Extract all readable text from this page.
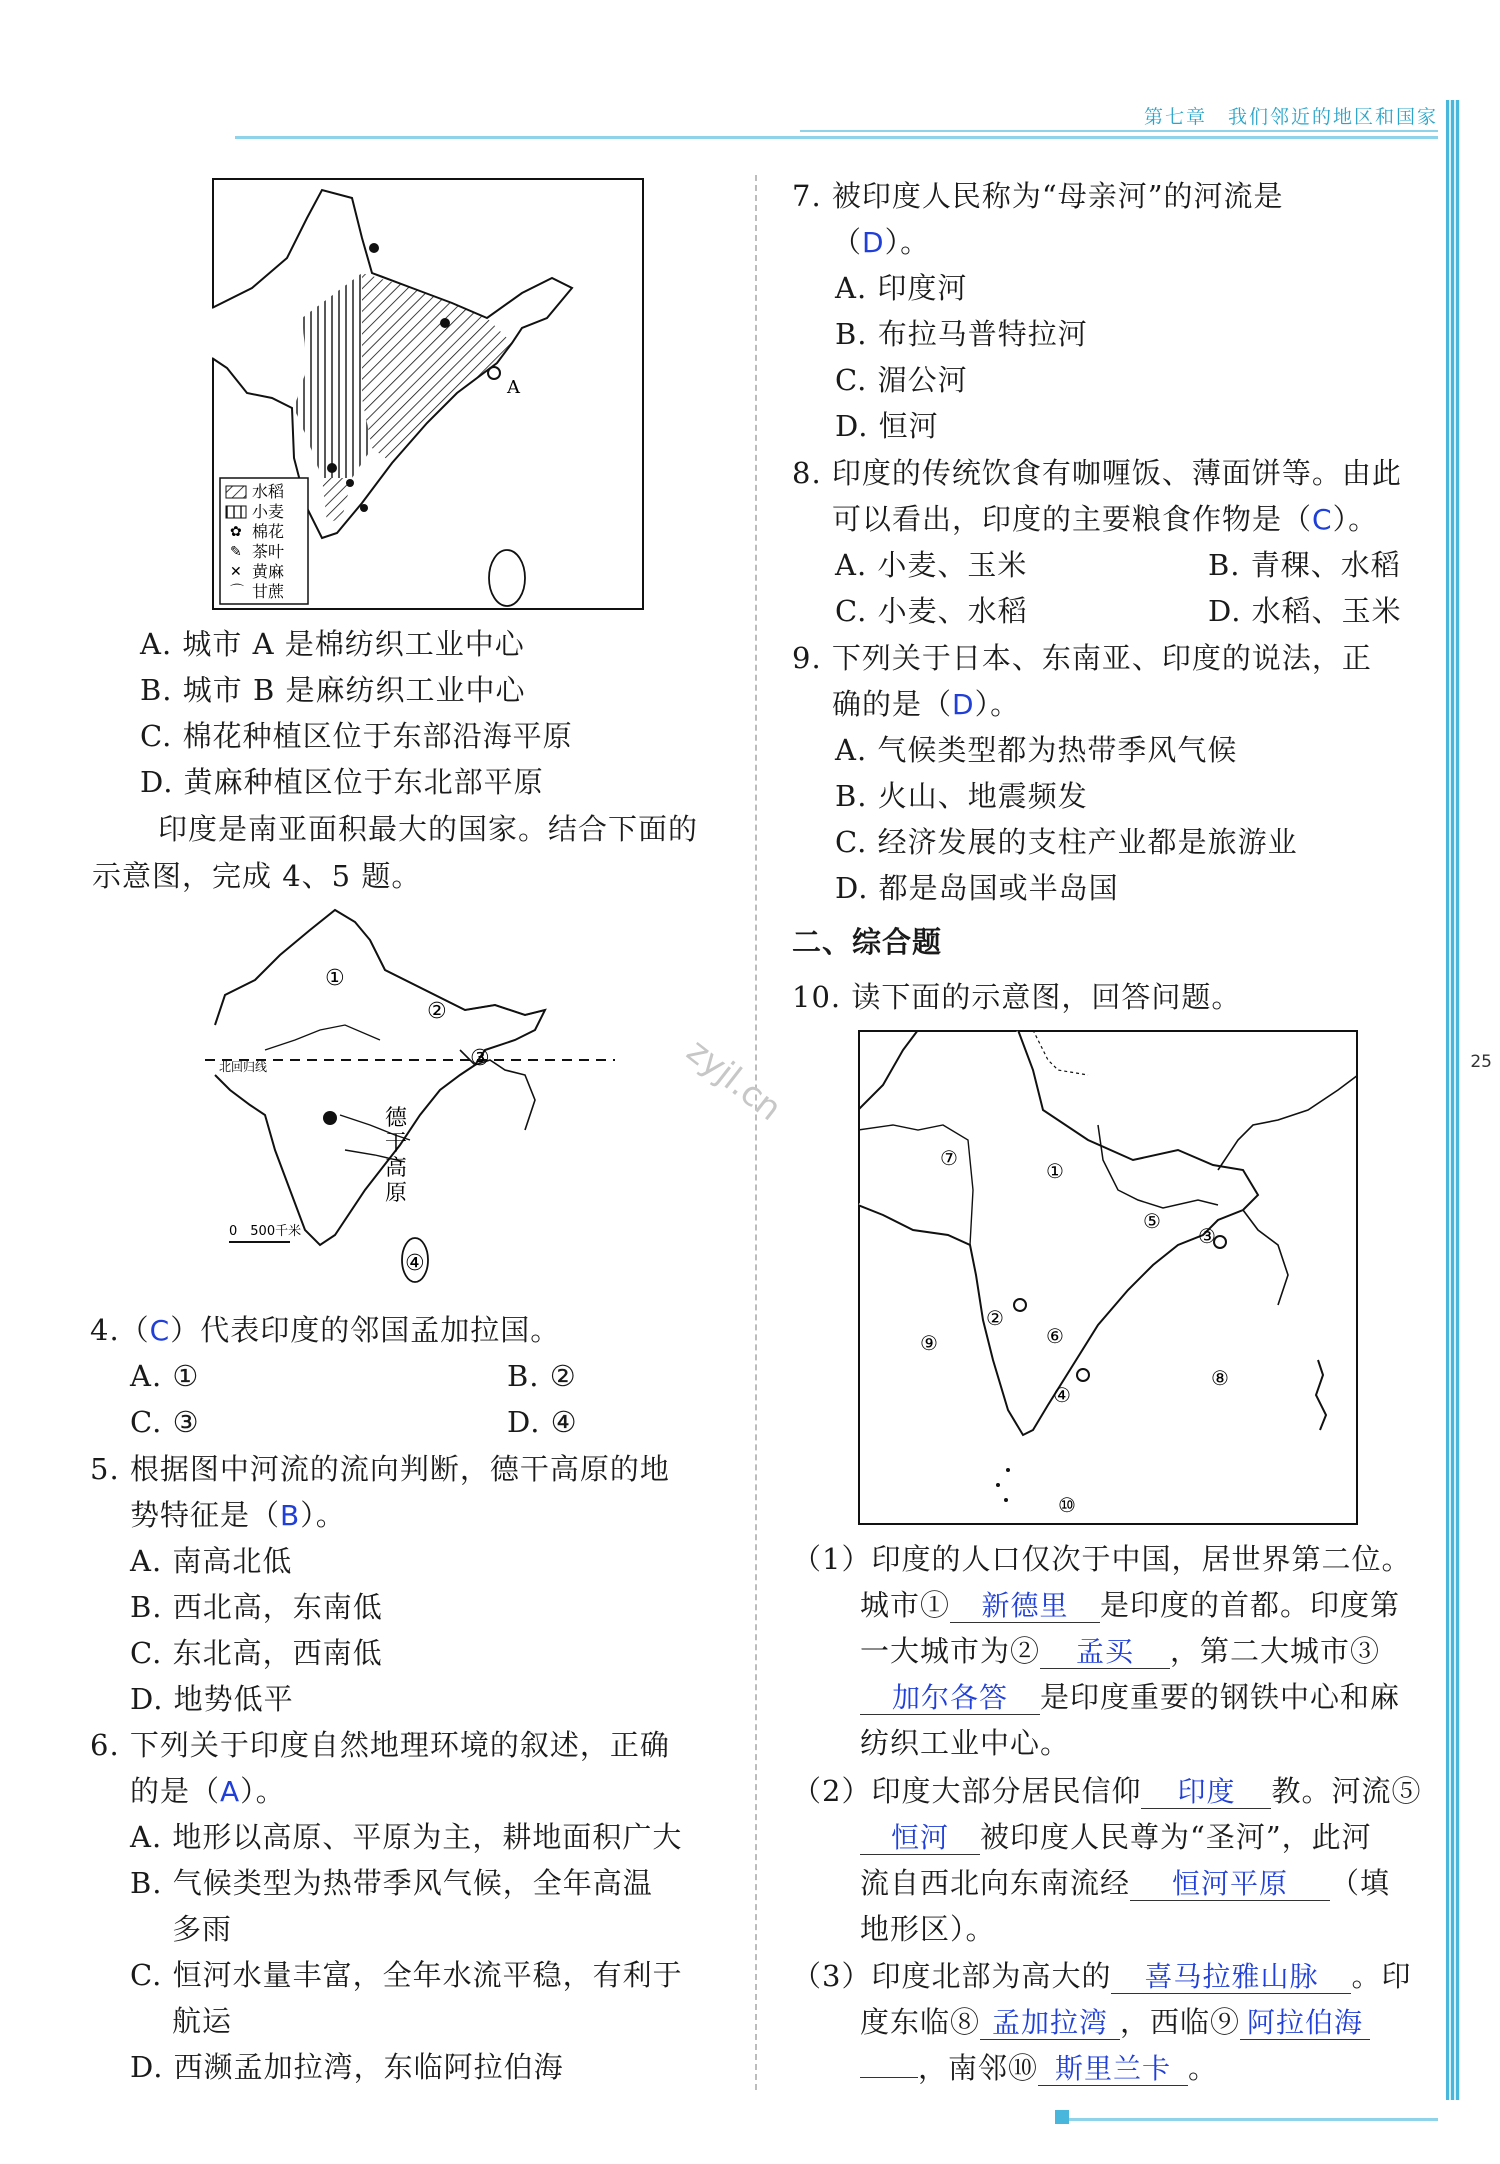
第七章　我们邻近的地区和国家
25
zyjl.cn
A
✿
✎
✕
⌒
水稻
小麦
棉花
茶叶
黄麻
甘蔗
A. 城市 A 是棉纺织工业中心
B. 城市 B 是麻纺织工业中心
C. 棉花种植区位于东部沿海平原
D. 黄麻种植区位于东北部平原
印度是南亚面积最大的国家。结合下面的
示意图，完成 4、5 题。
北回归线
德
干
高
原
①
②
③
④
0　500千米
4.（C）代表印度的邻国孟加拉国。
A. ①	B. ②
C. ③	D. ④
5. 根据图中河流的流向判断，德干高原的地
势特征是（B）。
A. 南高北低
B. 西北高，东南低
C. 东北高，西南低
D. 地势低平
6. 下列关于印度自然地理环境的叙述，正确
的是（A）。
A. 地形以高原、平原为主，耕地面积广大
B. 气候类型为热带季风气候，全年高温
多雨
C. 恒河水量丰富，全年水流平稳，有利于
航运
D. 西濒孟加拉湾，东临阿拉伯海
7. 被印度人民称为“母亲河”的河流是
（D）。
A. 印度河
B. 布拉马普特拉河
C. 湄公河
D. 恒河
8. 印度的传统饮食有咖喱饭、薄面饼等。由此
可以看出，印度的主要粮食作物是（C）。
A. 小麦、玉米	B. 青稞、水稻
C. 小麦、水稻	D. 水稻、玉米
9. 下列关于日本、东南亚、印度的说法，正
确的是（D）。
A. 气候类型都为热带季风气候
B. 火山、地震频发
C. 经济发展的支柱产业都是旅游业
D. 都是岛国或半岛国
二、综合题
10. 读下面的示意图，回答问题。
①
②
③
④
⑤
⑥
⑦
⑧
⑨
⑩
（1）印度的人口仅次于中国，居世界第二位。
城市① 新德里 是印度的首都。印度第
一大城市为② 孟买 ，第二大城市③
加尔各答 是印度重要的钢铁中心和麻
纺织工业中心。
（2）印度大部分居民信仰 印度 教。河流⑤
恒河 被印度人民尊为“圣河”，此河
流自西北向东南流经 恒河平原 （填
地形区）。
（3）印度北部为高大的 喜马拉雅山脉 。印
度东临⑧ 孟加拉湾 ，西临⑨ 阿拉伯海
，南邻⑩ 斯里兰卡 。
